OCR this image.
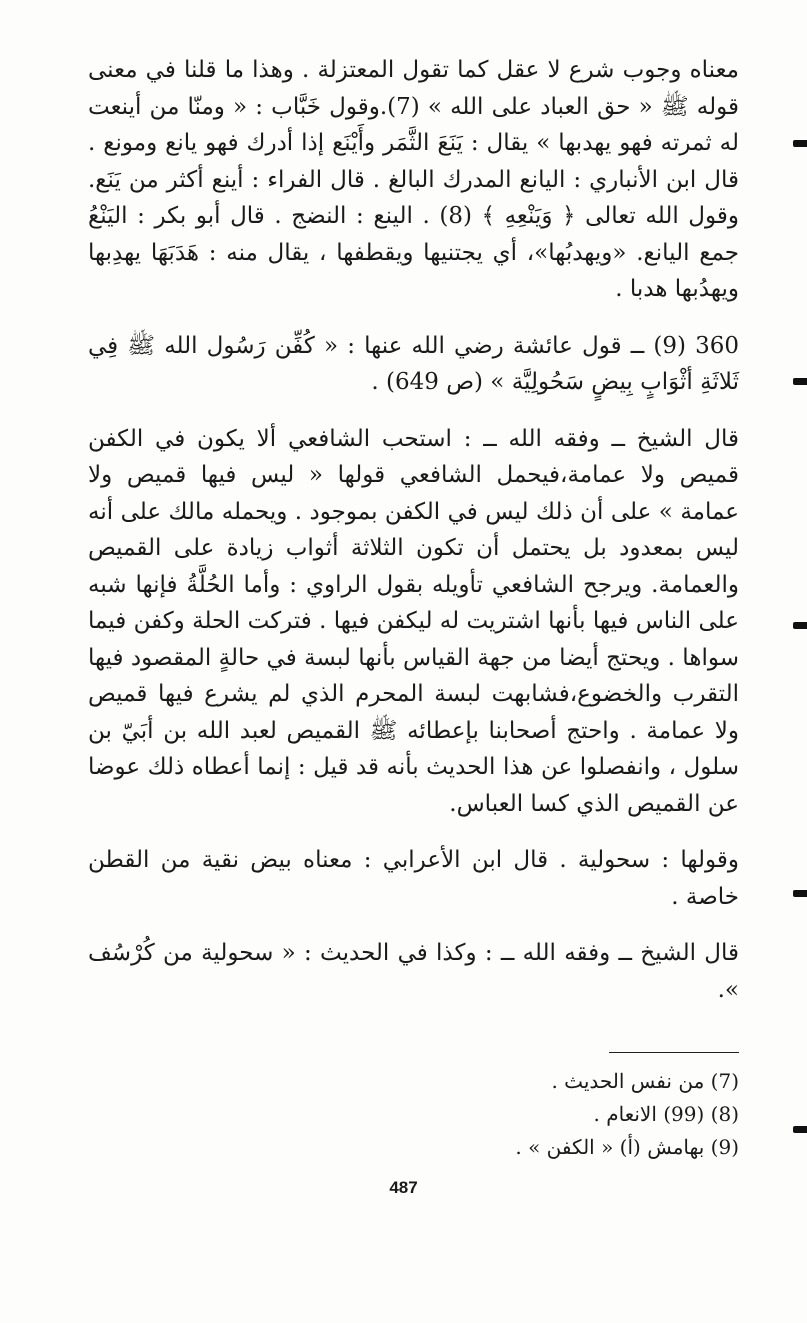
معناه وجوب شرع لا عقل كما تقول المعتزلة . وهذا ما قلنا في معنى قوله ﷺ « حق العباد على الله » (7).وقول خَبَّاب : « ومنّا من أينعت له ثمرته فهو يهدبها » يقال : يَنَعَ الثَّمَر وأَيْنَع إذا أدرك فهو يانع ومونع . قال ابن الأنباري : اليانع المدرك البالغ . قال الفراء : أينع أكثر من يَنَع. وقول الله تعالى ﴿ وَيَنْعِهِ ﴾ (8) . الينع : النضج . قال أبو بكر : اليَنْعُ جمع اليانع. «ويهدبُها»، أي يجتنيها ويقطفها ، يقال منه : هَدَبَهَا يهدِبها ويهدُبها هدبا .

360 (9) ــ قول عائشة رضي الله عنها : « كُفِّن رَسُول الله ﷺ فِي ثَلاثَةِ أثْوَابٍ بِيضٍ سَحُولِيَّة » (ص 649) .

قال الشيخ ــ وفقه الله ــ : استحب الشافعي ألا يكون في الكفن قميص ولا عمامة،فيحمل الشافعي قولها « ليس فيها قميص ولا عمامة » على أن ذلك ليس في الكفن بموجود . ويحمله مالك على أنه ليس بمعدود بل يحتمل أن تكون الثلاثة أثواب زيادة على القميص والعمامة. ويرجح الشافعي تأويله بقول الراوي : وأما الحُلَّةُ فإنها شبه على الناس فيها بأنها اشتريت له ليكفن فيها . فتركت الحلة وكفن فيما سواها . ويحتج أيضا من جهة القياس بأنها لبسة في حالةٍ المقصود فيها التقرب والخضوع،فشابهت لبسة المحرم الذي لم يشرع فيها قميص ولا عمامة . واحتج أصحابنا بإعطائه ﷺ القميص لعبد الله بن أبَيّ بن سلول ، وانفصلوا عن هذا الحديث بأنه قد قيل : إنما أعطاه ذلك عوضا عن القميص الذي كسا العباس.

وقولها : سحولية . قال ابن الأعرابي : معناه بيض نقية من القطن خاصة .

قال الشيخ ــ وفقه الله ــ : وكذا في الحديث : « سحولية من كُرْسُف ».

(7) من نفس الحديث .
(8) (99) الانعام .
(9) بهامش (أ) « الكفن » .
487
